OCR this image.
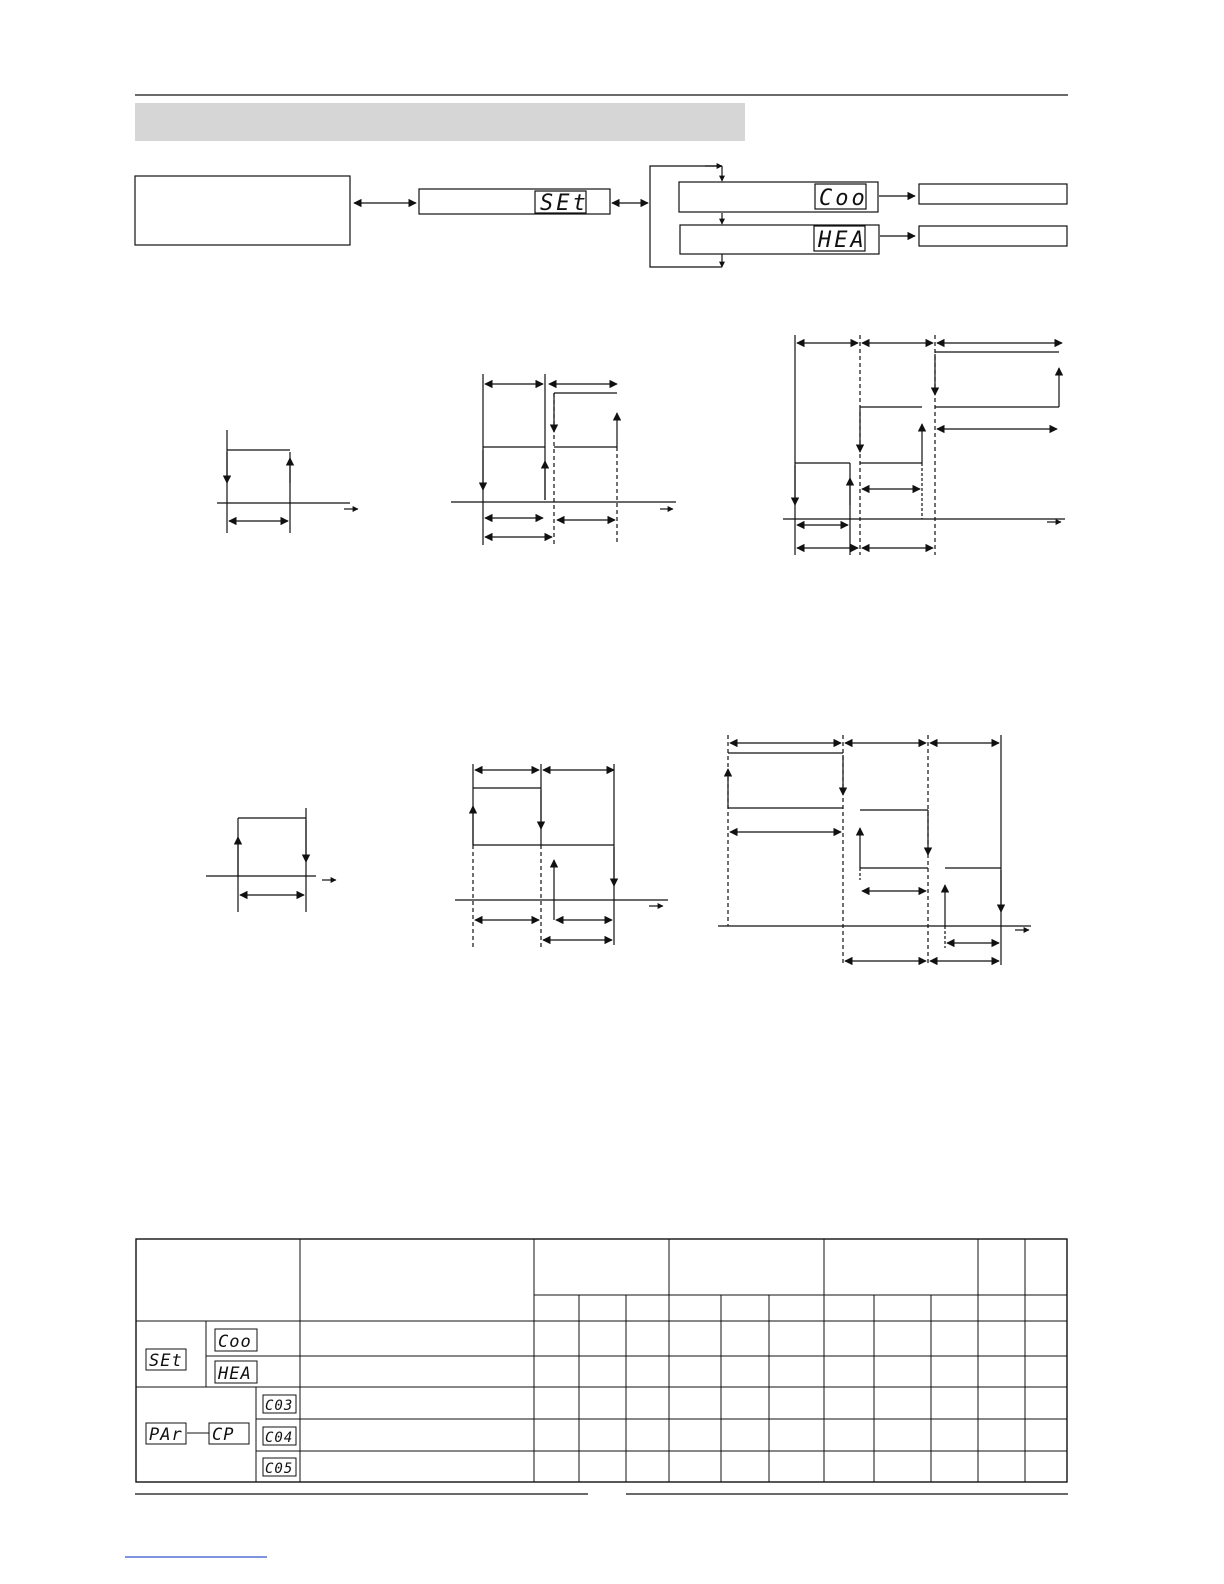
SEt	Coo
HEA
SEt
Coo
HEA
PAr CP
C03
C04
C05
